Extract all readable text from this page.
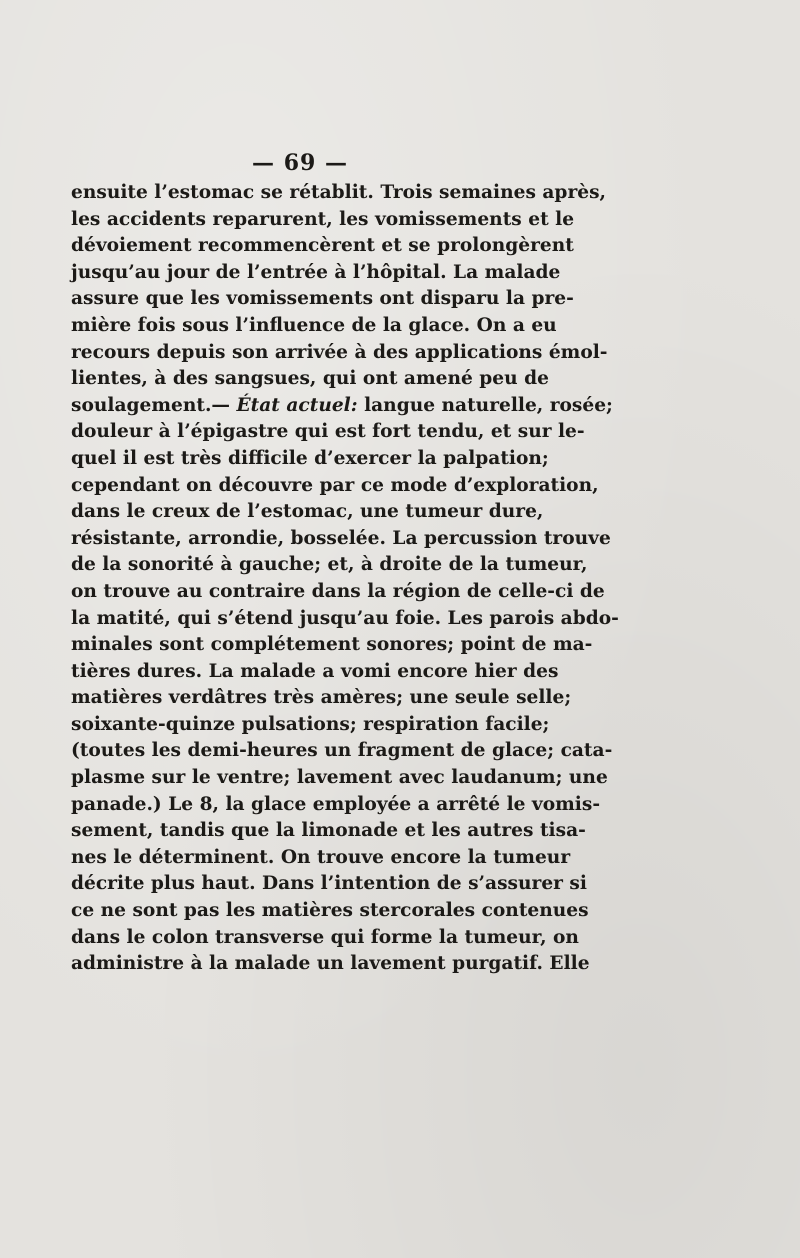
— 69 —
ensuite l’estomac se rétablit. Trois semaines après,
les accidents reparurent, les vomissements et le
dévoiement recommencèrent et se prolongèrent
jusqu’au jour de l’entrée à l’hôpital. La malade
assure que les vomissements ont disparu la pre-
mière fois sous l’influence de la glace. On a eu
recours depuis son arrivée à des applications émol-
lientes, à des sangsues, qui ont amené peu de
soulagement.— État actuel: langue naturelle, rosée;
douleur à l’épigastre qui est fort tendu, et sur le-
quel il est très difficile d’exercer la palpation;
cependant on découvre par ce mode d’exploration,
dans le creux de l’estomac, une tumeur dure,
résistante, arrondie, bosselée. La percussion trouve
de la sonorité à gauche; et, à droite de la tumeur,
on trouve au contraire dans la région de celle-ci de
la matité, qui s’étend jusqu’au foie. Les parois abdo-
minales sont complétement sonores; point de ma-
tières dures. La malade a vomi encore hier des
matières verdâtres très amères; une seule selle;
soixante-quinze pulsations; respiration facile;
(toutes les demi-heures un fragment de glace; cata-
plasme sur le ventre; lavement avec laudanum; une
panade.) Le 8, la glace employée a arrêté le vomis-
sement, tandis que la limonade et les autres tisa-
nes le déterminent. On trouve encore la tumeur
décrite plus haut. Dans l’intention de s’assurer si
ce ne sont pas les matières stercorales contenues
dans le colon transverse qui forme la tumeur, on
administre à la malade un lavement purgatif. Elle
